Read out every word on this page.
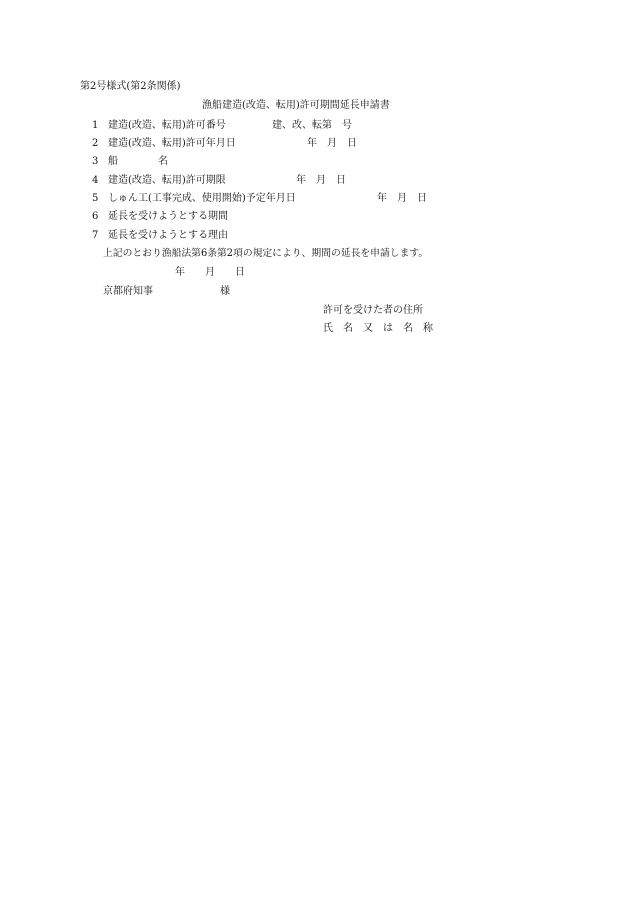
第2号様式(第2条関係)
漁船建造(改造、転用)許可期間延長申請書
1 建造(改造、転用)許可番号	建、改、転第　号
2 建造(改造、転用)許可年月日	年　月　日
3 船　　　　名
4 建造(改造、転用)許可期限	年　月　日
5 しゅん工(工事完成、使用開始)予定年月日	年　月　日
6 延長を受けようとする期間
7 延長を受けようとする理由
上記のとおり漁船法第6条第2項の規定により、期間の延長を申請します。
年　　月　　日
京都府知事	様
許可を受けた者の住所
氏　名　又　は　名　称
